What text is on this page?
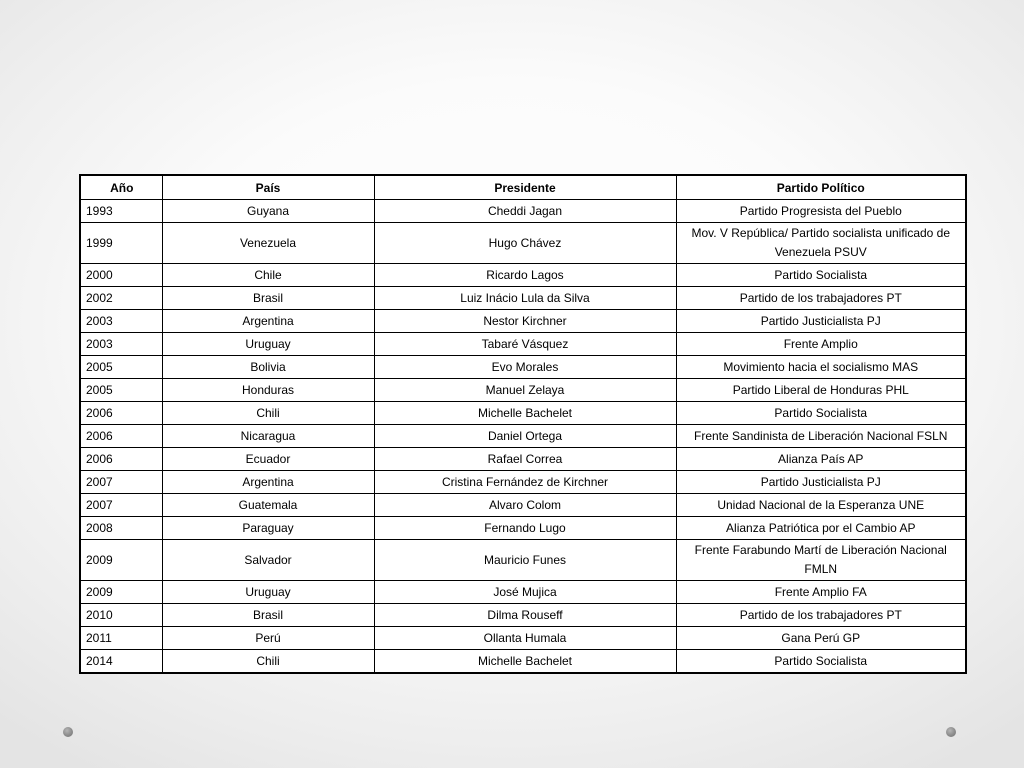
Año	País	Presidente	Partido Político
1993	Guyana	Cheddi Jagan	Partido Progresista del Pueblo
1999	Venezuela	Hugo Chávez	Mov. V República/ Partido socialista unificado de Venezuela PSUV
2000	Chile	Ricardo Lagos	Partido Socialista
2002	Brasil	Luiz Inácio Lula da Silva	Partido de los trabajadores PT
2003	Argentina	Nestor Kirchner	Partido Justicialista PJ
2003	Uruguay	Tabaré Vásquez	Frente Amplio
2005	Bolivia	Evo Morales	Movimiento hacia el socialismo MAS
2005	Honduras	Manuel Zelaya	Partido Liberal de Honduras PHL
2006	Chili	Michelle Bachelet	Partido Socialista
2006	Nicaragua	Daniel Ortega	Frente Sandinista de Liberación Nacional FSLN
2006	Ecuador	Rafael Correa	Alianza País AP
2007	Argentina	Cristina Fernández de Kirchner	Partido Justicialista PJ
2007	Guatemala	Alvaro Colom	Unidad Nacional de la Esperanza UNE
2008	Paraguay	Fernando Lugo	Alianza Patriótica por el Cambio AP
2009	Salvador	Mauricio Funes	Frente Farabundo Martí de Liberación Nacional FMLN
2009	Uruguay	José Mujica	Frente Amplio FA
2010	Brasil	Dilma Rouseff	Partido de los trabajadores PT
2011	Perú	Ollanta Humala	Gana Perú GP
2014	Chili	Michelle Bachelet	Partido Socialista
